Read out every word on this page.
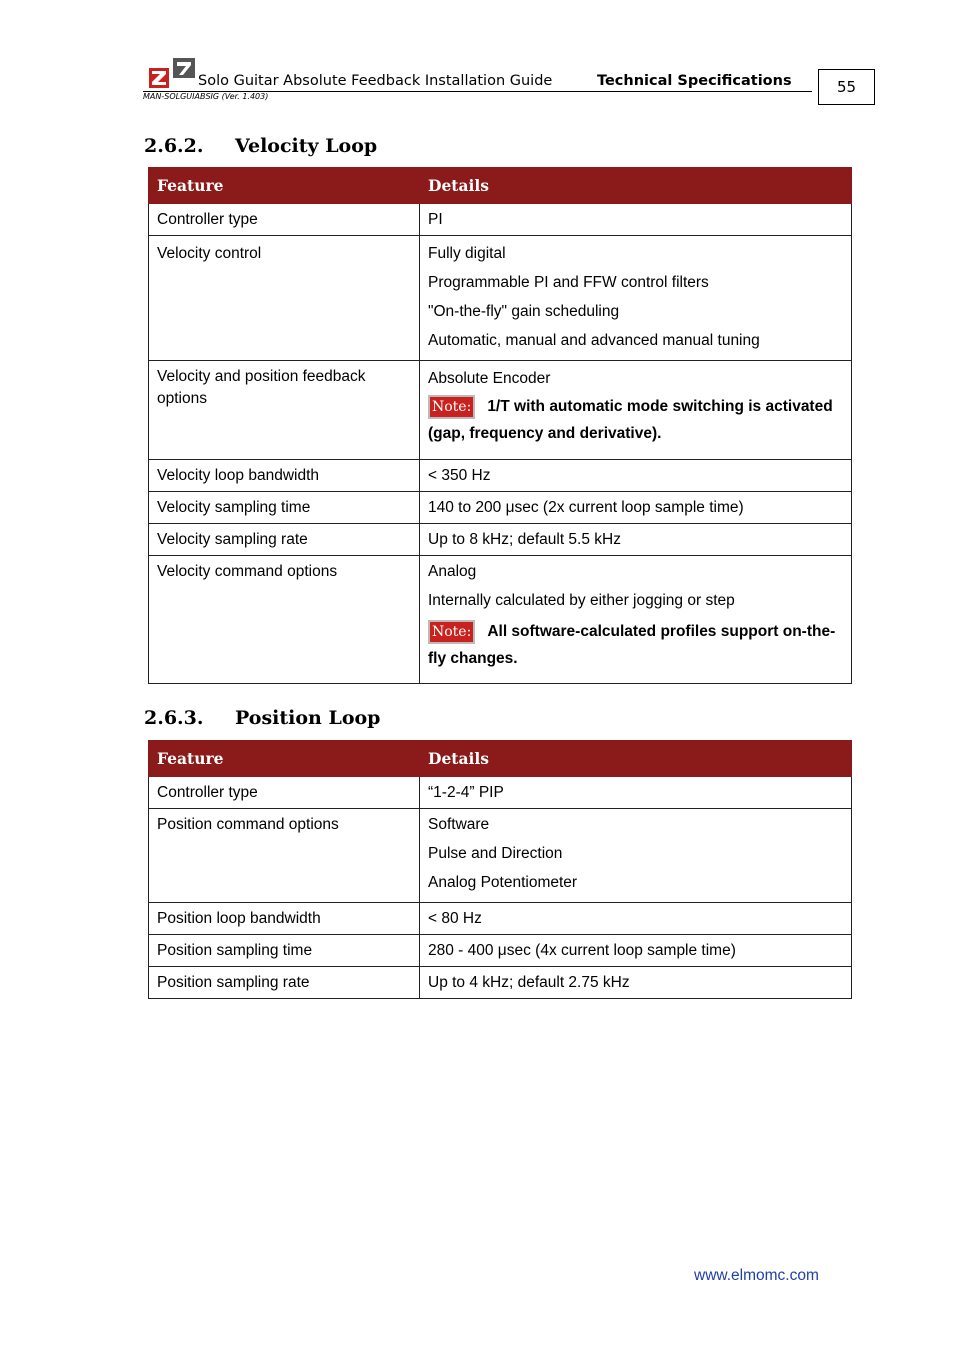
Solo Guitar Absolute Feedback Installation Guide	Technical Specifications
MAN-SOLGUIABSIG (Ver. 1.403)
55
2.6.2. Velocity Loop
Feature	Details
Controller type	PI

Velocity control	Fully digital
Programmable PI and FFW control filters
"On-the-fly" gain scheduling
Automatic, manual and advanced manual tuning

Velocity and position feedback options	Absolute Encoder
Note: 1/T with automatic mode switching is activated (gap, frequency and derivative).

Velocity loop bandwidth	< 350 Hz
Velocity sampling time	140 to 200 μsec (2x current loop sample time)
Velocity sampling rate	Up to 8 kHz; default 5.5 kHz

Velocity command options	Analog
Internally calculated by either jogging or step
Note: All software-calculated profiles support on-the-fly changes.
2.6.3. Position Loop
Feature	Details
Controller type	“1-2-4” PIP

Position command options	Software
Pulse and Direction
Analog Potentiometer

Position loop bandwidth	< 80 Hz
Position sampling time	280 - 400 μsec (4x current loop sample time)
Position sampling rate	Up to 4 kHz; default 2.75 kHz
www.elmomc.com
